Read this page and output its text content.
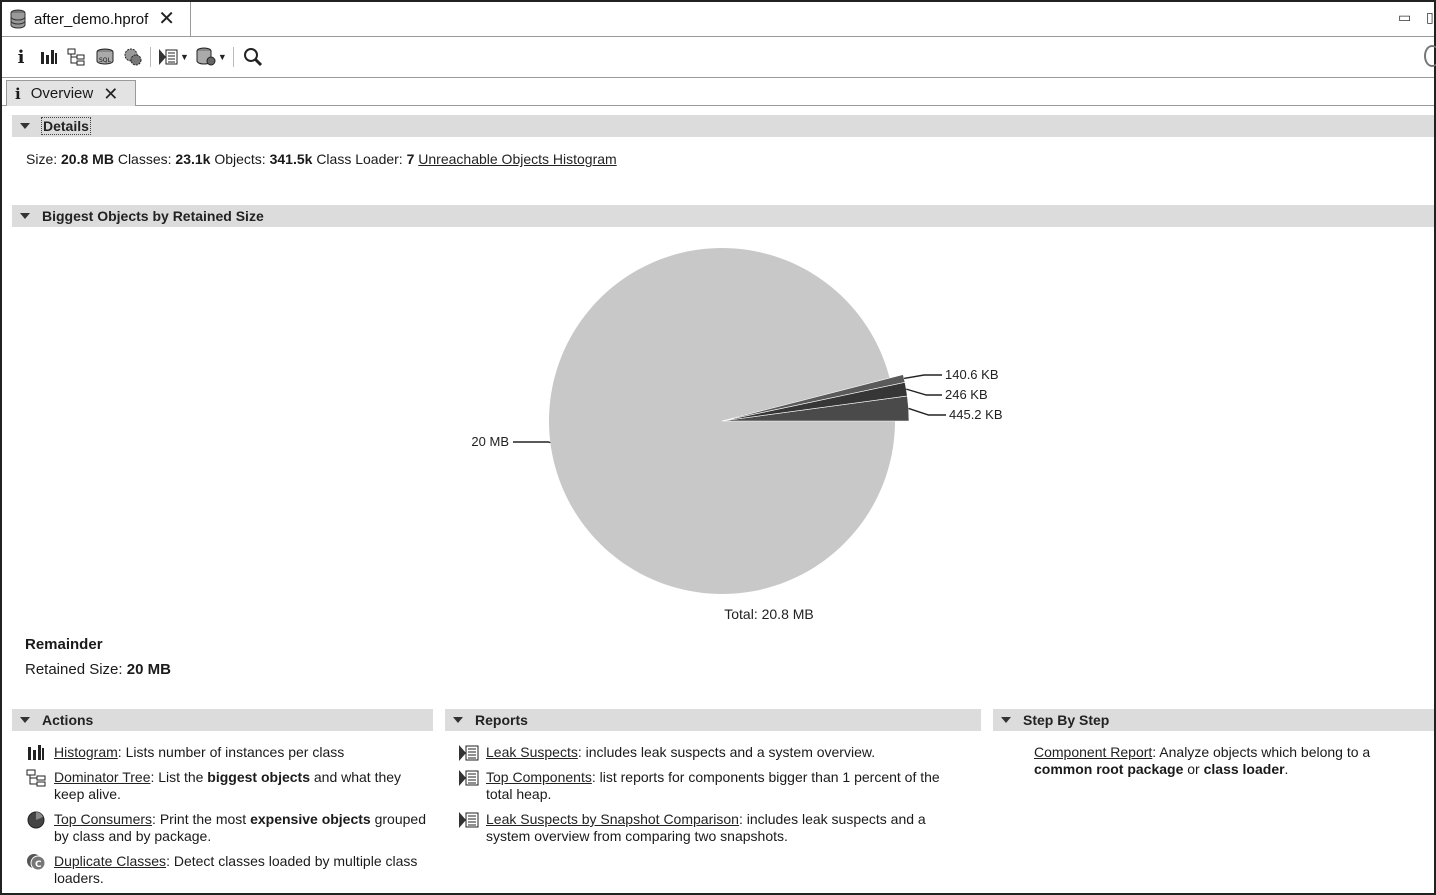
after_demo.hprof ✕	▭ ▯
i	SQL	▼	▼
i Overview ✕
Details
Size: 20.8 MB Classes: 23.1k Objects: 341.5k Class Loader: 7 Unreachable Objects Histogram
Biggest Objects by Retained Size
20 MB
445.2 KB
246 KB
140.6 KB
Total: 20.8 MB
Remainder
Retained Size: 20 MB
Actions
Histogram: Lists number of instances per class
Dominator Tree: List the biggest objects and what they keep alive.
Top Consumers: Print the most expensive objects grouped by class and by package.
C Duplicate Classes: Detect classes loaded by multiple class loaders.
Reports
Leak Suspects: includes leak suspects and a system overview.
Top Components: list reports for components bigger than 1 percent of the total heap.
Leak Suspects by Snapshot Comparison: includes leak suspects and a system overview from comparing two snapshots.
Step By Step
Component Report: Analyze objects which belong to a common root package or class loader.
